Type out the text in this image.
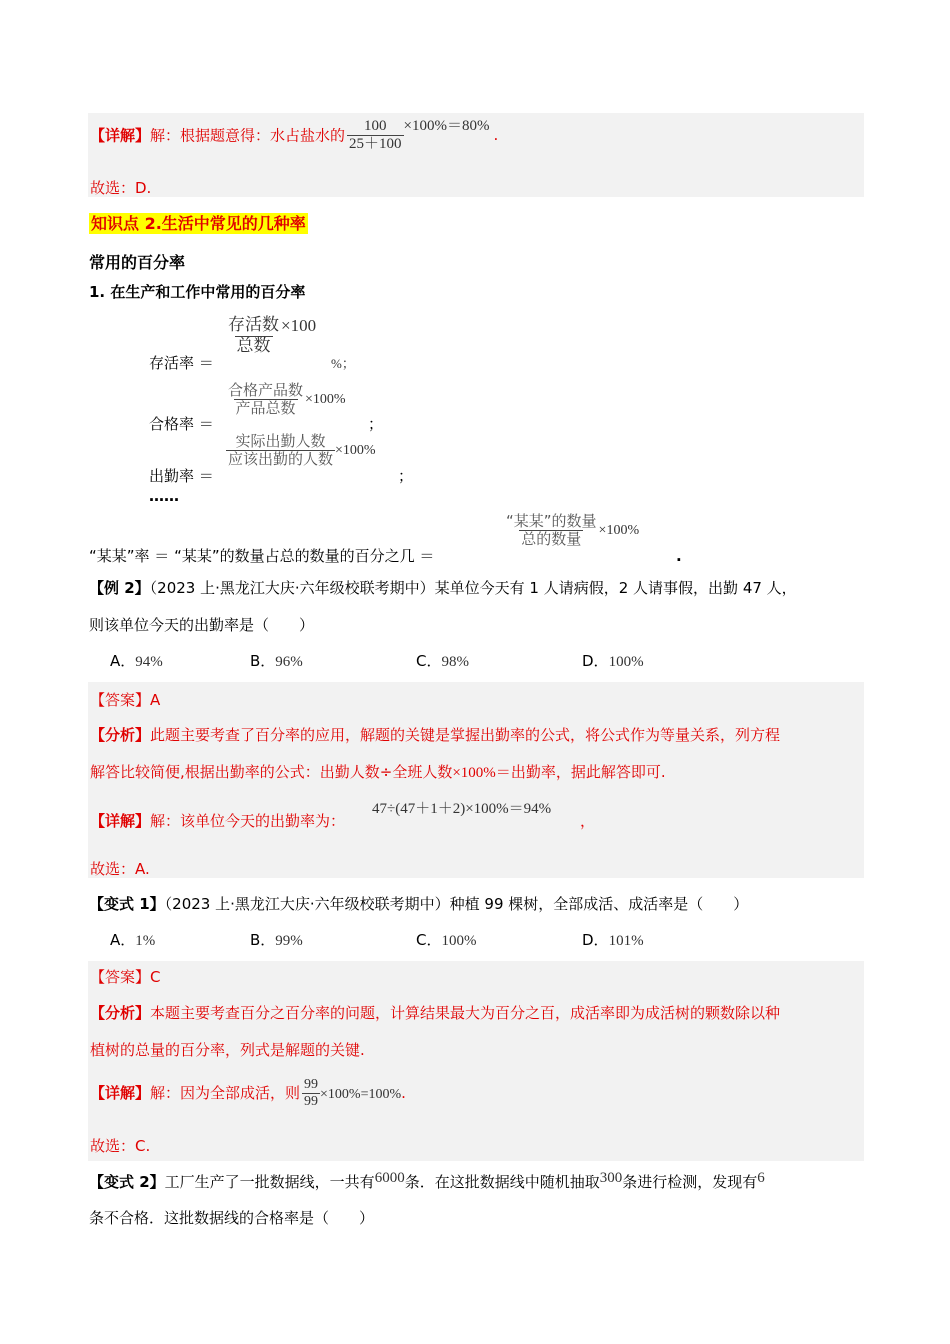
【详解】解：根据题意得：水占盐水的 $\frac{100}{25+100} \times 100\%=80\%$ .
故选：D.
知识点 2.生活中常见的几种率
常用的百分率
1. 在生产和工作中常用的百分率
存活率 ＝
$\frac{\text{存活数}}{\text{总数}} \times 100$
%；
合格率 ＝
$\frac{\text{合格产品数}}{\text{产品总数}} \times 100\%$
；
出勤率 ＝
$\frac{\text{实际出勤人数}}{\text{应该出勤的人数}} \times 100\%$
；
……
“某某”率 ＝ “某某”的数量占总的数量的百分之几 ＝
$\frac{\text{“某某”的数量}}{\text{总的数量}} \times 100\%$
.
【例 2】（2023 上·黑龙江大庆·六年级校联考期中）某单位今天有 1 人请病假，2 人请事假，出勤 47 人，
则该单位今天的出勤率是（　　）
A．94%	B．96%	C．98%	D．100%
【答案】A
【分析】此题主要考查了百分率的应用，解题的关键是掌握出勤率的公式，将公式作为等量关系，列方程
解答比较简便,根据出勤率的公式：出勤人数÷全班人数×100%＝出勤率，据此解答即可.
【详解】解：该单位今天的出勤率为：
47÷(47＋1＋2)×100%＝94%
，
故选：A.
【变式 1】（2023 上·黑龙江大庆·六年级校联考期中）种植 99 棵树，全部成活、成活率是（　　）
A．1%	B．99%	C．100%	D．101%
【答案】C
【分析】本题主要考查百分之百分率的问题，计算结果最大为百分之百，成活率即为成活树的颗数除以种
植树的总量的百分率，列式是解题的关键.
【详解】解：因为全部成活，则 $\frac{99}{99} \times 100\%=100\%$.
故选：C.
【变式 2】工厂生产了一批数据线，一共有6000条．在这批数据线中随机抽取300条进行检测，发现有6
条不合格．这批数据线的合格率是（　　）
